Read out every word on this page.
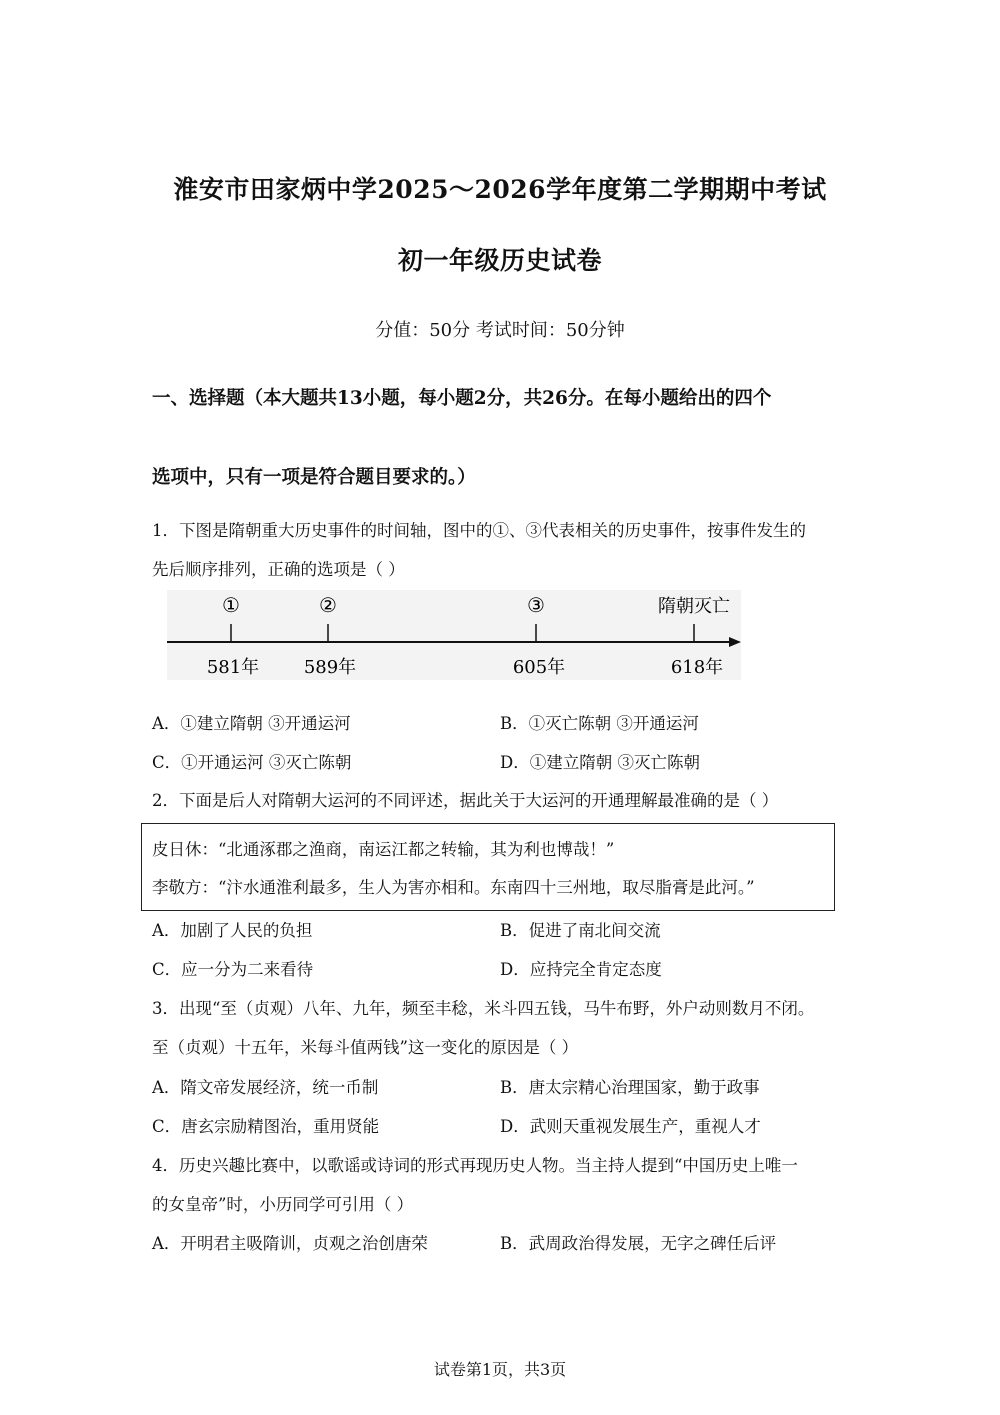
淮安市田家炳中学2025～2026学年度第二学期期中考试
初一年级历史试卷
分值：50分 考试时间：50分钟
一、选择题（本大题共13小题，每小题2分，共26分。在每小题给出的四个
选项中，只有一项是符合题目要求的。）
1．下图是隋朝重大历史事件的时间轴，图中的①、③代表相关的历史事件，按事件发生的
先后顺序排列，正确的选项是（ ）
①	②	③	隋朝灭亡
581年 589年	605年	618年
A．①建立隋朝 ③开通运河	B．①灭亡陈朝 ③开通运河
C．①开通运河 ③灭亡陈朝	D．①建立隋朝 ③灭亡陈朝
2．下面是后人对隋朝大运河的不同评述，据此关于大运河的开通理解最准确的是（ ）
皮日休：“北通涿郡之渔商，南运江都之转输，其为利也博哉！”
李敬方：“汴水通淮利最多，生人为害亦相和。东南四十三州地，取尽脂膏是此河。”
A．加剧了人民的负担	B．促进了南北间交流
C．应一分为二来看待	D．应持完全肯定态度
3．出现“至（贞观）八年、九年，频至丰稔，米斗四五钱，马牛布野，外户动则数月不闭。
至（贞观）十五年，米每斗值两钱”这一变化的原因是（ ）
A．隋文帝发展经济，统一币制	B．唐太宗精心治理国家，勤于政事
C．唐玄宗励精图治，重用贤能	D．武则天重视发展生产，重视人才
4．历史兴趣比赛中，以歌谣或诗词的形式再现历史人物。当主持人提到“中国历史上唯一
的女皇帝”时，小历同学可引用（ ）
A．开明君主吸隋训，贞观之治创唐荣	B．武周政治得发展，无字之碑任后评
试卷第1页，共3页
